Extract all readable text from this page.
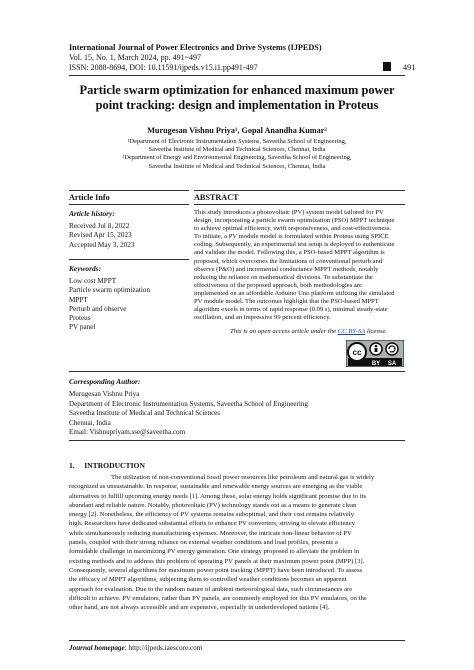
International Journal of Power Electronics and Drive Systems (IJPEDS)
Vol. 15, No. 1, March 2024, pp. 491~497
ISSN: 2088-8694, DOI: 10.11591/ijpeds.v15.i1.pp491-497	491
Particle swarm optimization for enhanced maximum power
point tracking: design and implementation in Proteus
Murugesan Vishnu Priya¹, Gopal Anandha Kumar²
¹Department of Electronic Instrumentation Systems, Saveetha School of Engineering,
Saveetha Institute of Medical and Technical Sciences, Chennai, India
²Department of Energy and Environmental Engineering, Saveetha School of Engineering,
Saveetha Institute of Medical and Technical Sciences, Chennai, India
Article Info	ABSTRACT
Article history:
Received Jul 8, 2022
Revised Apr 15, 2023
Accepted May 3, 2023
Keywords:
Low cost MPPT
Particle swarm optimization
MPPT
Perturb and observe
Proteus
PV panel
This study introduces a photovoltaic (PV) system model tailored for PV
design, incorporating a particle swarm optimization (PSO) MPPT technique
to achieve optimal efficiency, swift responsiveness, and cost-effectiveness.
To initiate, a PV module model is formulated within Proteus using SPICE
coding. Subsequently, an experimental test setup is deployed to authenticate
and validate the model. Following this, a PSO-based MPPT algorithm is
proposed, which overcomes the limitations of conventional perturb and
observe (P&O) and incremental conductance MPPT methods, notably
reducing the reliance on mathematical divisions. To substantiate the
effectiveness of the proposed approach, both methodologies are
implemented on an affordable Arduino Uno platform utilizing the simulated
PV module model. The outcomes highlight that the PSO-based MPPT
algorithm excels in terms of rapid response (0.09 s), minimal steady-state
oscillation, and an impressive 99 percent efficiency.
This is an open access article under the CC BY-SA license.
cc
BY SA
Corresponding Author:
Murugesan Vishnu Priya
Department of Electronic Instrumentation Systems, Saveetha School of Engineering
Saveetha Institute of Medical and Technical Sciences
Chennai, India
Email: Vishnupriyam.sse@saveetha.com
1.     INTRODUCTION
The utilization of non-conventional fossil power resources like petroleum and natural gas is widely
recognized as unsustainable. In response, sustainable and renewable energy sources are emerging as the viable
alternatives to fulfill upcoming energy needs [1]. Among these, solar energy holds significant promise due to its
abundant and reliable nature. Notably, photovoltaic (PV) technology stands out as a means to generate clean
energy [2]. Nonetheless, the efficiency of PV systems remains suboptimal, and their cost remains relatively
high. Researchers have dedicated substantial efforts to enhance PV converters, striving to elevate efficiency
while simultaneously reducing manufacturing expenses. Moreover, the intricate non-linear behavior of PV
panels, coupled with their strong reliance on external weather conditions and load profiles, presents a
formidable challenge in maximizing PV energy generation. One strategy proposed to alleviate the problem in
existing methods and to address this problem of operating PV panels at their maximum power point (MPP) [3].
Consequently, several algorithms for maximum power point tracking (MPPT) have been introduced. To assess
the efficacy of MPPT algorithms, subjecting them to controlled weather conditions becomes an apparent
approach for evaluation. Due to the random nature of ambient meteorological data, such circumstances are
difficult to achieve. PV emulators, rather than PV panels, are commonly employed for this PV emulators, on the
other hand, are not always accessible and are expensive, especially in underdeveloped nations [4].
Journal homepage: http://ijpeds.iaescore.com
